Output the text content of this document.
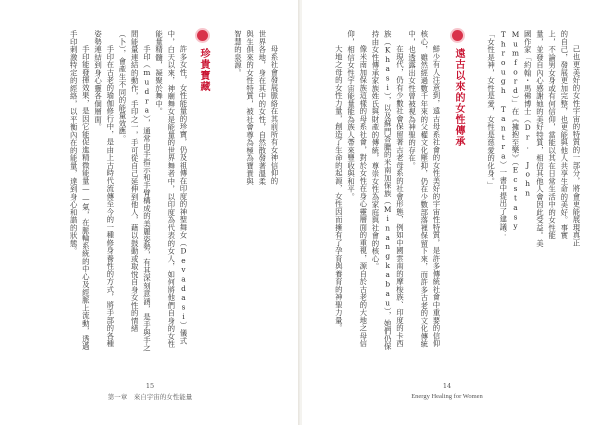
母系社會發展脈絡在其前所有女神信仰的世界各地，身在其中的女性，自然散發著溫柔與生俱來的女性特質，被社會尊為極為寶貴與智慧的泉源。

珍貴寶藏

許多女性，女性能量的珍寶，仍及祖傳在印度的神聖舞女（Devadasi）儀式中，白天以來，神廟舞女是能量的世界舞者中，以印度為代表的女人，如何將他們自身的女性能量精髓，凝聚於舞中。

手印（mudra），通常由手指示和手臂構成的美麗姿勢，有其深刻意涵，是手與手之間能量連結的動作，手印之一，手可從自己延伸到他人，藉以鼓動或取悅自身女性的情緒（卜），會產生不同的能量效應。

手印在古老的瑜伽修行中，是由上古時代流傳至今的一種修身養性的方式，將手部的各種姿勢連結到身心靈各個層面。

手印能發揮效果，是因它能促進精微能量——氣，在脈輪系統的中心及經脈上流動，透過手印刺激特定的經絡，以平衡內在的能量，達到身心和諧的狀態。

15
第一章　來自宇宙的女性能量

己也更美好的女性宇宙的特質的一部分，將會更能展現真正的自己，發展更加完整，也更能與他人共享生命的美好。事實上，不論男女身或有何信仰，當能以其在日常生活中的女性能量，並發自內心感謝她的美好特質，相信其他人會因此受益。美國作家「約翰・馬佛博士（Dr. John Mumford）」在《擁抱至樂》（Ecstasy Through Tantra）一書中提出了建議：「女性是神，女性是愛，女性是慈愛的化身。」

遠古以來的女性傳承

鮮少有人注意到，遠古母系社會的女性美好的宇宙性特質，是許多傳統社會中重要的信仰核心，雖然經過數千年來的父權文化壓抑，仍在少數部落裡保留下來，而許多古老的文化傳統中，也透露出女性曾被視為神聖的存在。

在現代，仍有少數社會保留著古老母系的社會形態，例如中國雲南的摩梭族、印度的卡西族（Khasi），以及蘇門答臘的米南加保族（Minangkabau），她們仍保持由女性傳承家族姓氏與財產的傳統，尊崇女性為家庭與社會的核心。

像米南加保族這樣的母系社會，對於女性在身心靈層面的重視，源自於古老的大地之母信仰，相信女性宇宙能量能為族人帶來豐收與和平。

大地之母的女性力量，創造了生命的起源，女性因而擁有了孕育與養育的神聖力量。

14
Energy Healing for Women
